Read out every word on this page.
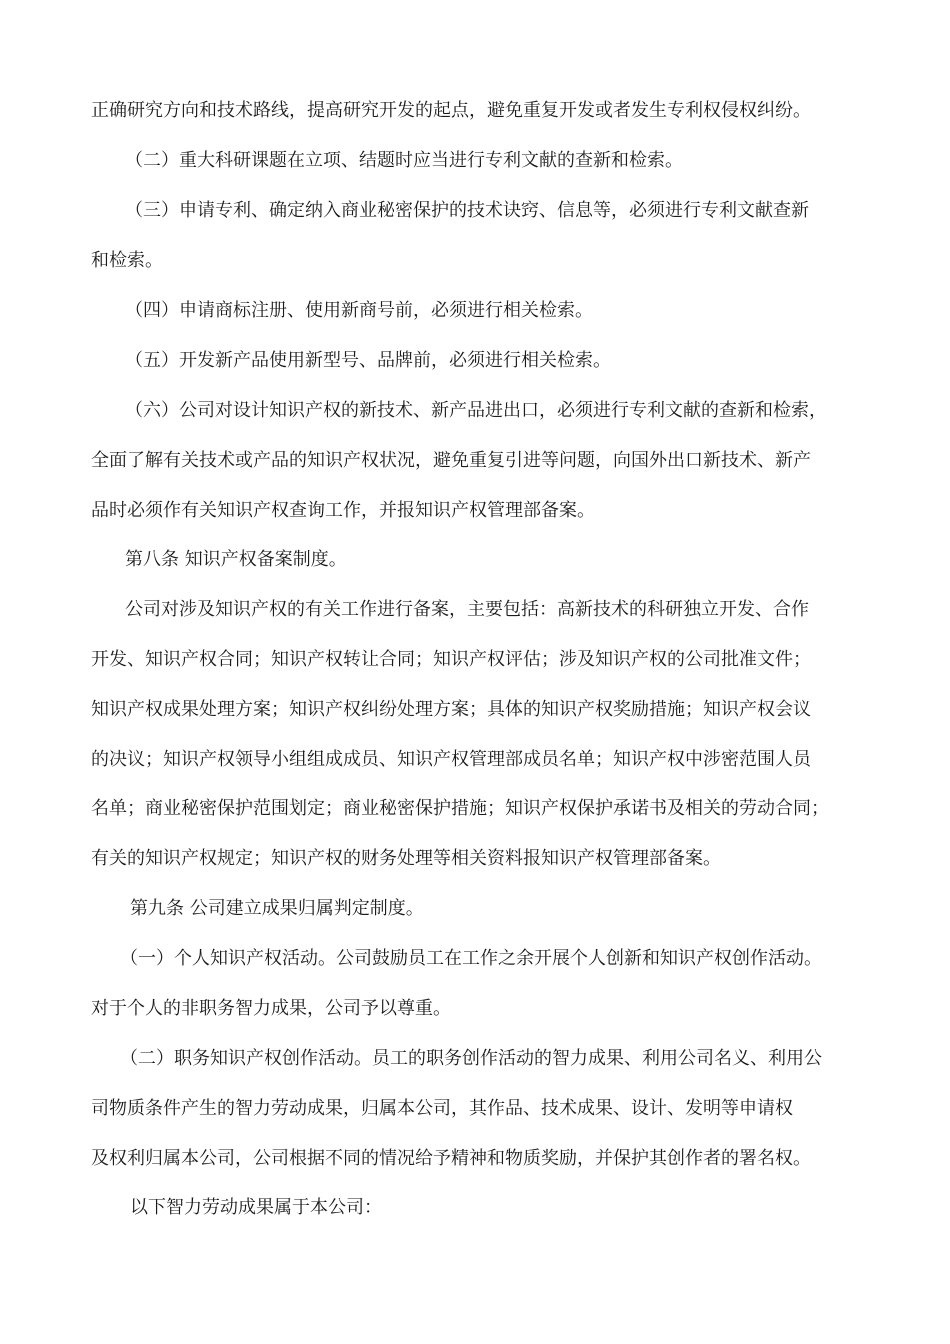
正确研究方向和技术路线，提高研究开发的起点，避免重复开发或者发生专利权侵权纠纷。
（二）重大科研课题在立项、结题时应当进行专利文献的查新和检索。
（三）申请专利、确定纳入商业秘密保护的技术诀窍、信息等，必须进行专利文献查新
和检索。
（四）申请商标注册、使用新商号前，必须进行相关检索。
（五）开发新产品使用新型号、品牌前，必须进行相关检索。
（六）公司对设计知识产权的新技术、新产品进出口，必须进行专利文献的查新和检索，
全面了解有关技术或产品的知识产权状况，避免重复引进等问题，向国外出口新技术、新产
品时必须作有关知识产权查询工作，并报知识产权管理部备案。
第八条 知识产权备案制度。
公司对涉及知识产权的有关工作进行备案，主要包括：高新技术的科研独立开发、合作
开发、知识产权合同；知识产权转让合同；知识产权评估；涉及知识产权的公司批准文件；
知识产权成果处理方案；知识产权纠纷处理方案；具体的知识产权奖励措施；知识产权会议
的决议；知识产权领导小组组成成员、知识产权管理部成员名单；知识产权中涉密范围人员
名单；商业秘密保护范围划定；商业秘密保护措施；知识产权保护承诺书及相关的劳动合同；
有关的知识产权规定；知识产权的财务处理等相关资料报知识产权管理部备案。
第九条 公司建立成果归属判定制度。
（一）个人知识产权活动。公司鼓励员工在工作之余开展个人创新和知识产权创作活动。
对于个人的非职务智力成果，公司予以尊重。
（二）职务知识产权创作活动。员工的职务创作活动的智力成果、利用公司名义、利用公
司物质条件产生的智力劳动成果，归属本公司，其作品、技术成果、设计、发明等申请权
及权利归属本公司，公司根据不同的情况给予精神和物质奖励，并保护其创作者的署名权。
以下智力劳动成果属于本公司：
